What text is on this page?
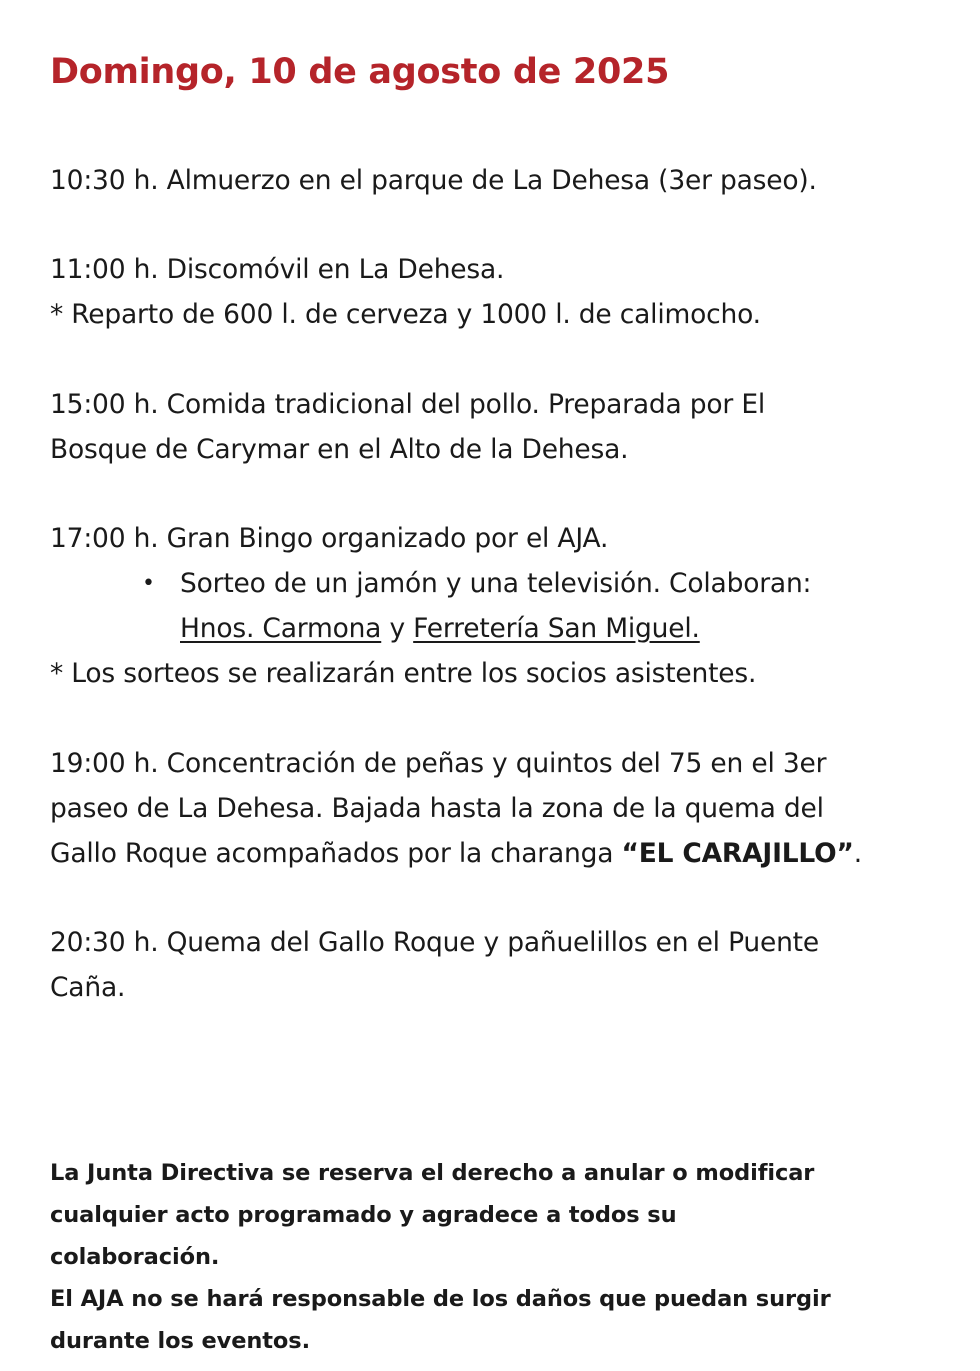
Domingo, 10 de agosto de 2025

10:30 h. Almuerzo en el parque de La Dehesa (3er paseo).

11:00 h. Discomóvil en La Dehesa.

* Reparto de 600 l. de cerveza y 1000 l. de calimocho.

15:00 h. Comida tradicional del pollo. Preparada por El

Bosque de Carymar en el Alto de la Dehesa.

17:00 h. Gran Bingo organizado por el AJA.

• Sorteo de un jamón y una televisión. Colaboran:

Hnos. Carmona y Ferretería San Miguel.

* Los sorteos se realizarán entre los socios asistentes.

19:00 h. Concentración de peñas y quintos del 75 en el 3er

paseo de La Dehesa. Bajada hasta la zona de la quema del

Gallo Roque acompañados por la charanga “EL CARAJILLO”.

20:30 h. Quema del Gallo Roque y pañuelillos en el Puente

Caña.

La Junta Directiva se reserva el derecho a anular o modificar

cualquier acto programado y agradece a todos su

colaboración.

El AJA no se hará responsable de los daños que puedan surgir

durante los eventos.
